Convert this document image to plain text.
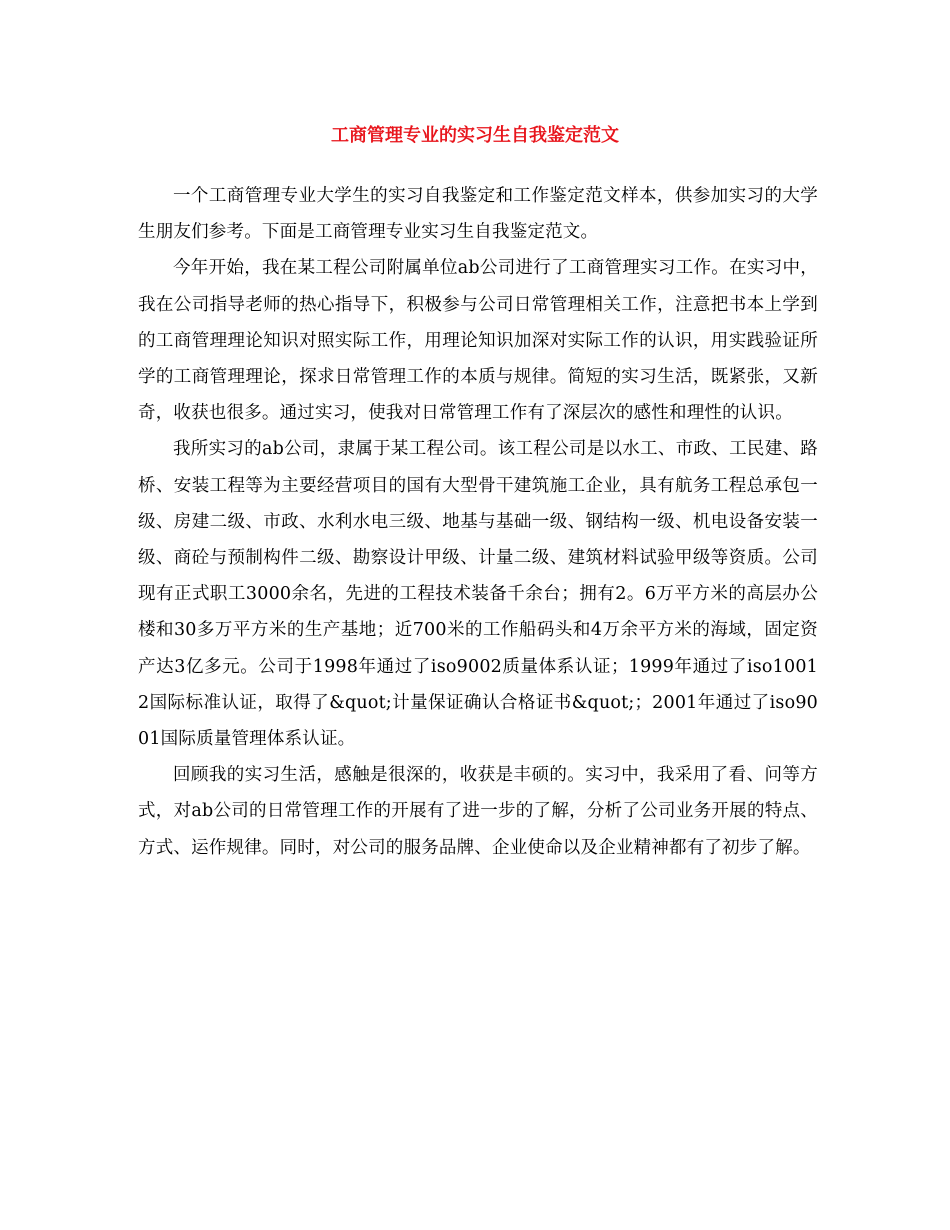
工商管理专业的实习生自我鉴定范文

一个工商管理专业大学生的实习自我鉴定和工作鉴定范文样本，供参加实习的大学生朋友们参考。下面是工商管理专业实习生自我鉴定范文。

今年开始，我在某工程公司附属单位ab公司进行了工商管理实习工作。在实习中，我在公司指导老师的热心指导下，积极参与公司日常管理相关工作，注意把书本上学到的工商管理理论知识对照实际工作，用理论知识加深对实际工作的认识，用实践验证所学的工商管理理论，探求日常管理工作的本质与规律。简短的实习生活，既紧张，又新奇，收获也很多。通过实习，使我对日常管理工作有了深层次的感性和理性的认识。

我所实习的ab公司，隶属于某工程公司。该工程公司是以水工、市政、工民建、路桥、安装工程等为主要经营项目的国有大型骨干建筑施工企业，具有航务工程总承包一级、房建二级、市政、水利水电三级、地基与基础一级、钢结构一级、机电设备安装一级、商砼与预制构件二级、勘察设计甲级、计量二级、建筑材料试验甲级等资质。公司现有正式职工3000余名，先进的工程技术装备千余台；拥有2。6万平方米的高层办公楼和30多万平方米的生产基地；近700米的工作船码头和4万余平方米的海域，固定资产达3亿多元。公司于1998年通过了iso9002质量体系认证；1999年通过了iso10012国际标准认证，取得了&quot;计量保证确认合格证书&quot;；2001年通过了iso9001国际质量管理体系认证。

回顾我的实习生活，感触是很深的，收获是丰硕的。实习中，我采用了看、问等方式，对ab公司的日常管理工作的开展有了进一步的了解，分析了公司业务开展的特点、方式、运作规律。同时，对公司的服务品牌、企业使命以及企业精神都有了初步了解。
